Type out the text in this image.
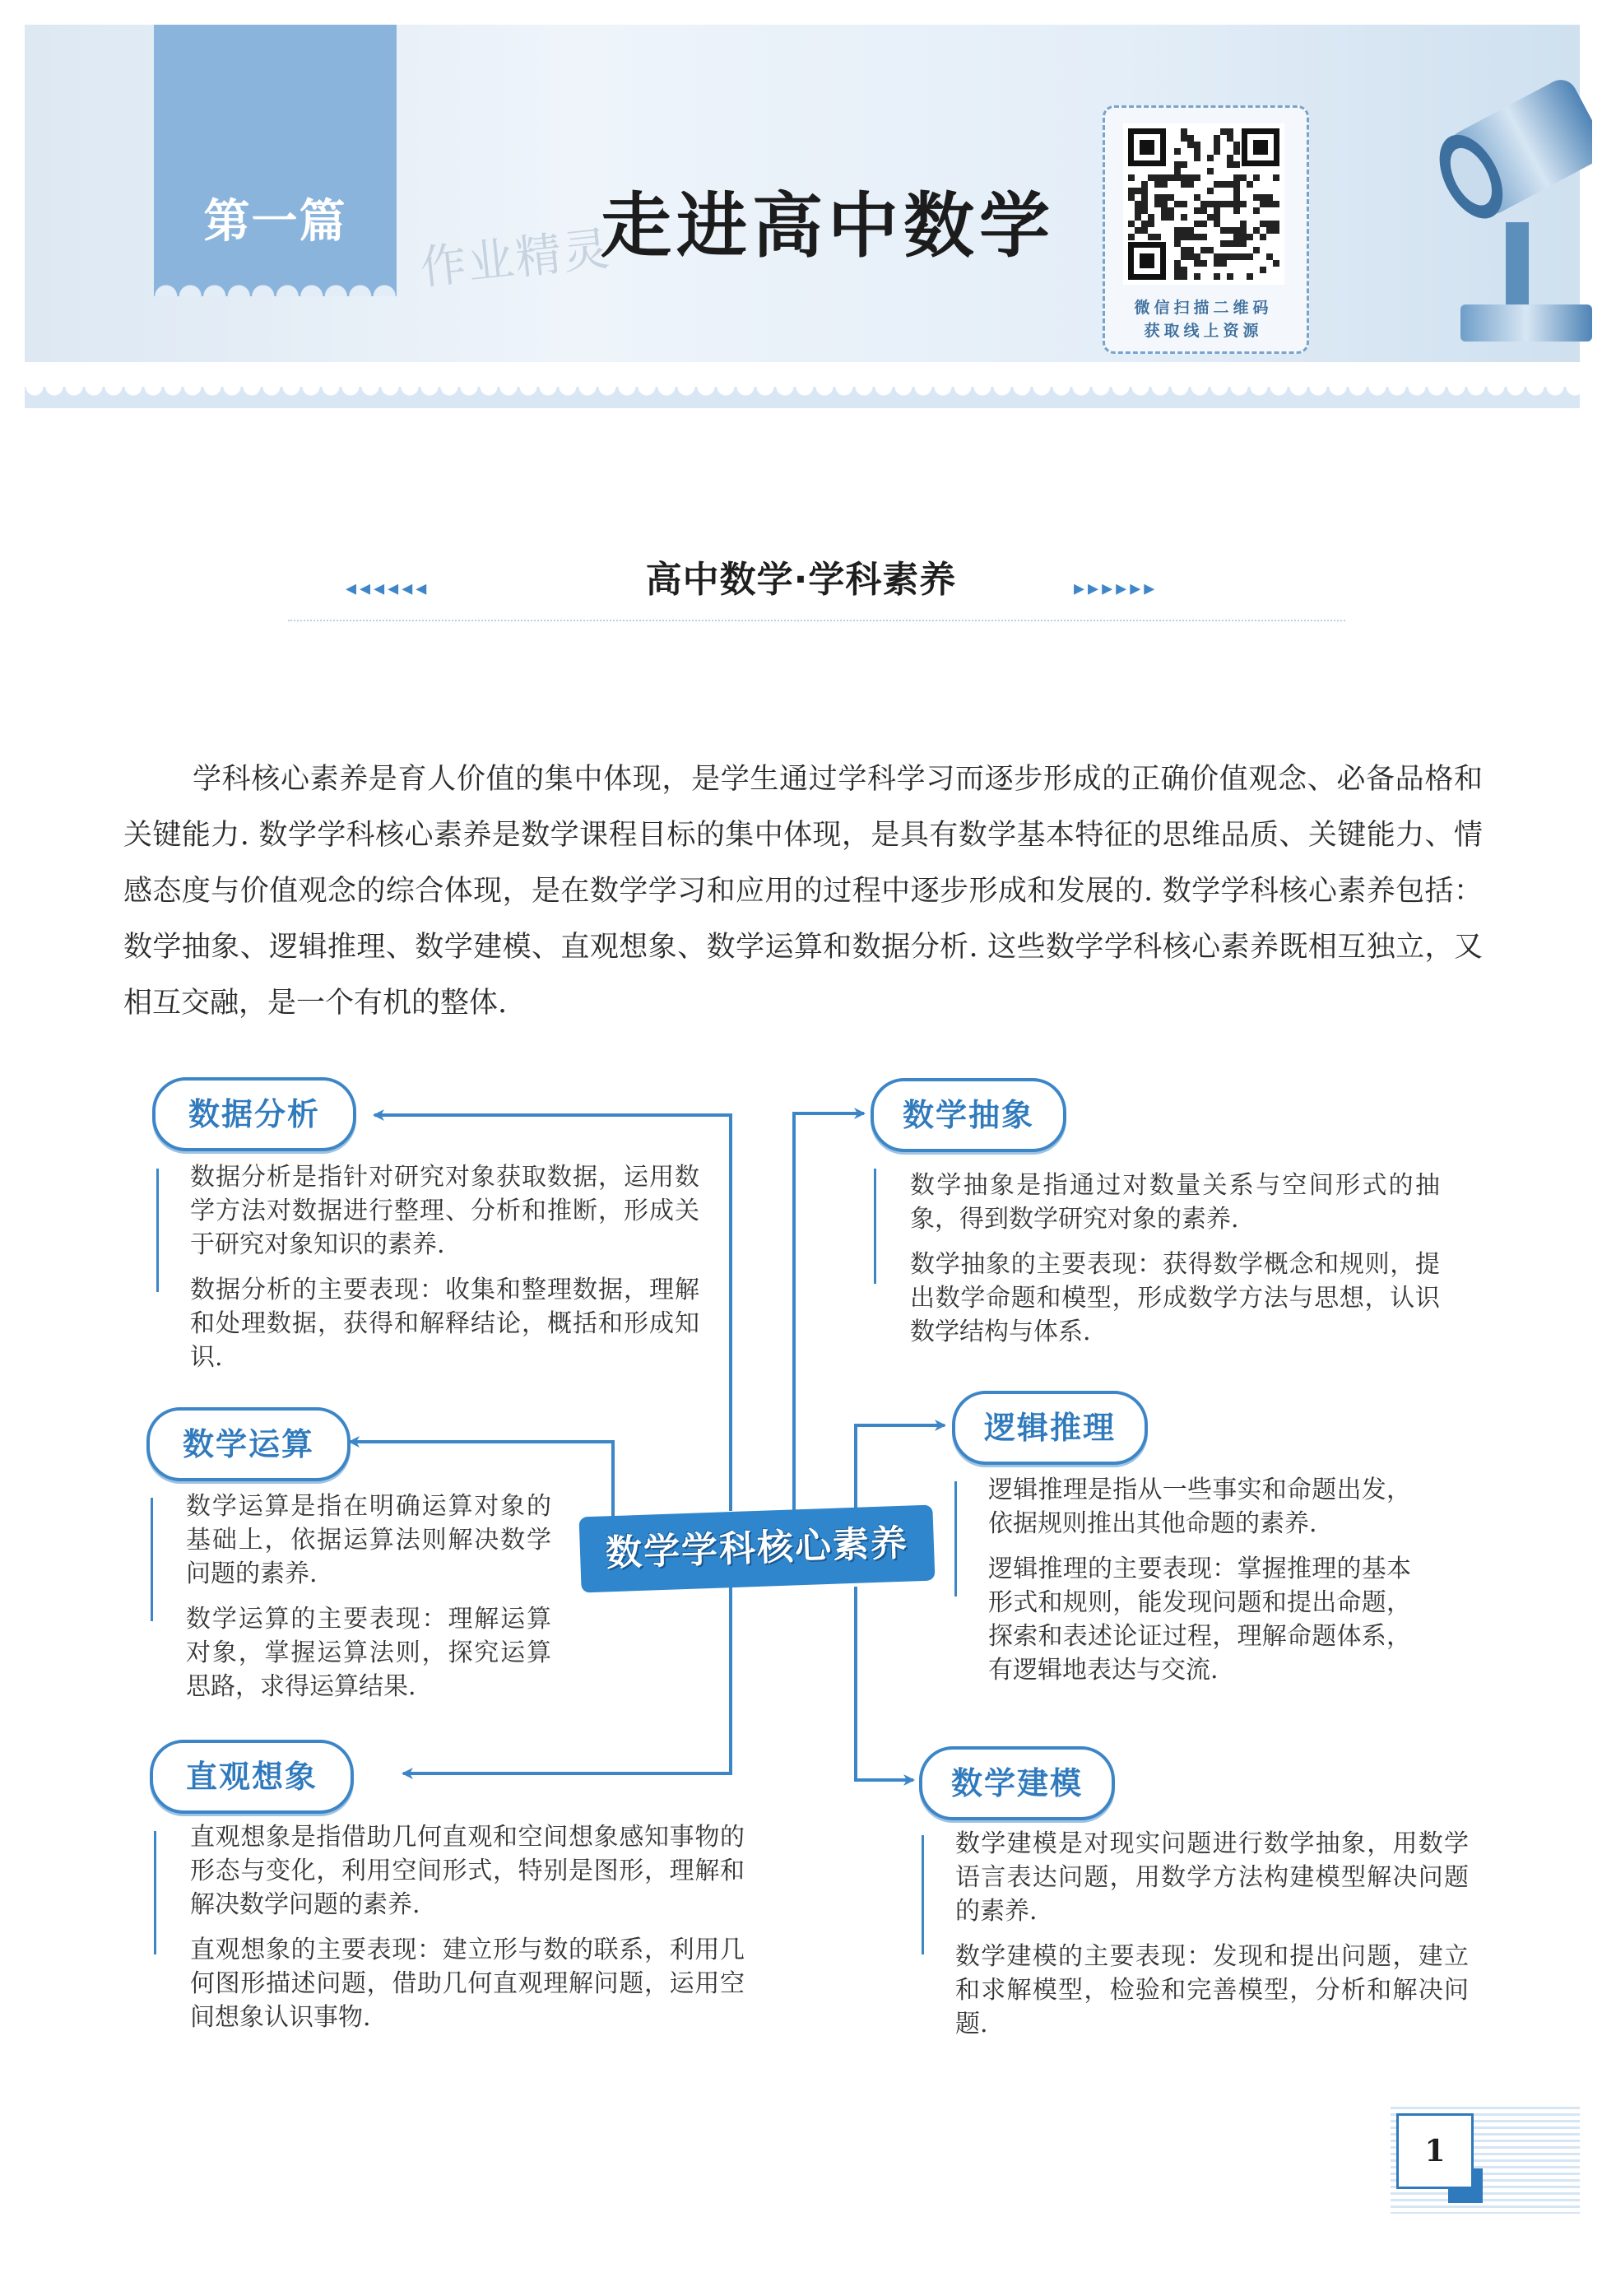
第一篇
作业精灵
走进高中数学
微信扫描二维码
获取线上资源
◂◂◂◂◂◂	高中数学·学科素养	▸▸▸▸▸▸

学科核心素养是育人价值的集中体现，是学生通过学科学习而逐步形成的正确价值观念、必备品格和关键能力. 数学学科核心素养是数学课程目标的集中体现，是具有数学基本特征的思维品质、关键能力、情感态度与价值观念的综合体现，是在数学学习和应用的过程中逐步形成和发展的. 数学学科核心素养包括：数学抽象、逻辑推理、数学建模、直观想象、数学运算和数据分析. 这些数学学科核心素养既相互独立，又相互交融，是一个有机的整体.

数学学科核心素养
数据分析
数据分析是指针对研究对象获取数据，运用数学方法对数据进行整理、分析和推断，形成关于研究对象知识的素养.
数据分析的主要表现：收集和整理数据，理解和处理数据，获得和解释结论，概括和形成知识.
数学运算
数学运算是指在明确运算对象的基础上，依据运算法则解决数学问题的素养.
数学运算的主要表现：理解运算对象，掌握运算法则，探究运算思路，求得运算结果.
直观想象
直观想象是指借助几何直观和空间想象感知事物的形态与变化，利用空间形式，特别是图形，理解和解决数学问题的素养.
直观想象的主要表现：建立形与数的联系，利用几何图形描述问题，借助几何直观理解问题，运用空间想象认识事物.
数学抽象
数学抽象是指通过对数量关系与空间形式的抽象，得到数学研究对象的素养.
数学抽象的主要表现：获得数学概念和规则，提出数学命题和模型，形成数学方法与思想，认识数学结构与体系.
逻辑推理
逻辑推理是指从一些事实和命题出发，依据规则推出其他命题的素养.
逻辑推理的主要表现：掌握推理的基本形式和规则，能发现问题和提出命题，探索和表述论证过程，理解命题体系，有逻辑地表达与交流.
数学建模
数学建模是对现实问题进行数学抽象，用数学语言表达问题，用数学方法构建模型解决问题的素养.
数学建模的主要表现：发现和提出问题，建立和求解模型，检验和完善模型，分析和解决问题.
1
